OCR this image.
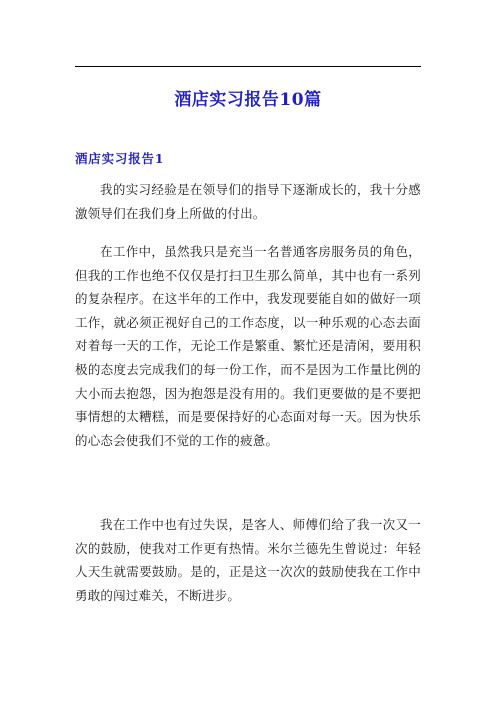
酒店实习报告10篇
酒店实习报告1

我的实习经验是在领导们的指导下逐渐成长的，我十分感激领导们在我们身上所做的付出。

在工作中，虽然我只是充当一名普通客房服务员的角色，但我的工作也绝不仅仅是打扫卫生那么简单，其中也有一系列的复杂程序。在这半年的工作中，我发现要能自如的做好一项工作，就必须正视好自己的工作态度，以一种乐观的心态去面对着每一天的工作，无论工作是繁重、繁忙还是清闲，要用积极的态度去完成我们的每一份工作，而不是因为工作量比例的大小而去抱怨，因为抱怨是没有用的。我们更要做的是不要把事情想的太糟糕，而是要保持好的心态面对每一天。因为快乐的心态会使我们不觉的工作的疲惫。

我在工作中也有过失误，是客人、师傅们给了我一次又一次的鼓励，使我对工作更有热情。米尔兰德先生曾说过：年轻人天生就需要鼓励。是的，正是这一次次的鼓励使我在工作中勇敢的闯过难关，不断进步。
